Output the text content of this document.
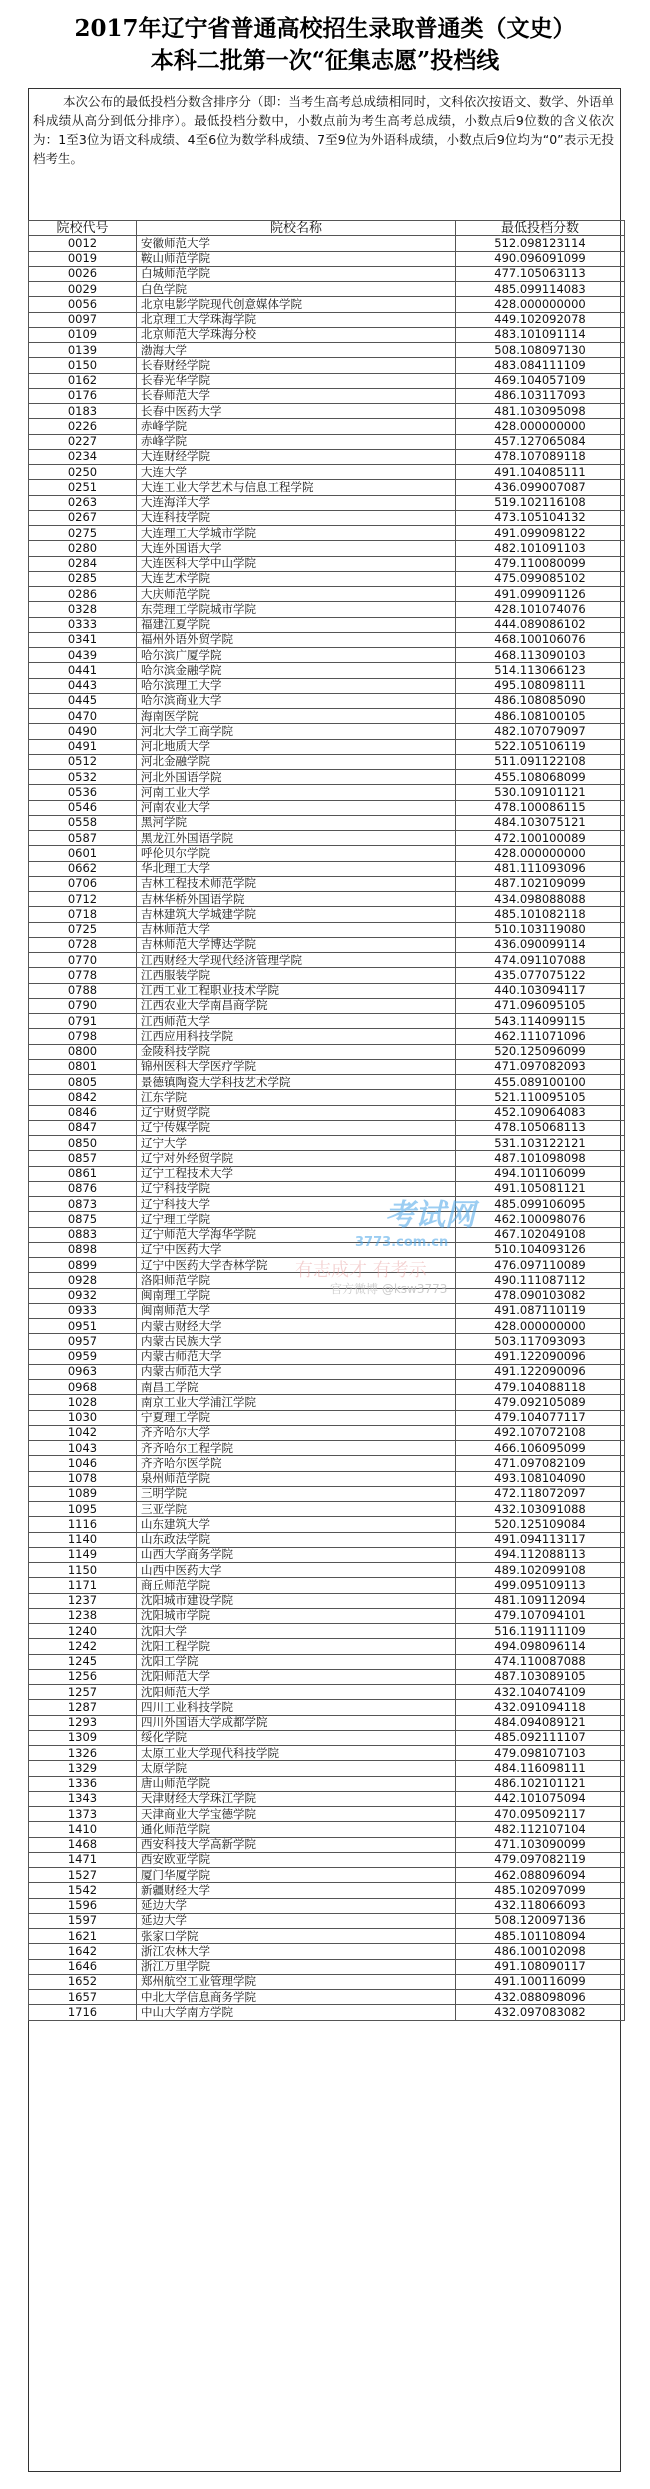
2017年辽宁省普通高校招生录取普通类（文史）
本科二批第一次“征集志愿”投档线
本次公布的最低投档分数含排序分（即：当考生高考总成绩相同时，文科依次按语文、数学、外语单科成绩从高分到低分排序）。最低投档分数中，小数点前为考生高考总成绩，小数点后9位数的含义依次为：1至3位为语文科成绩、4至6位为数学科成绩、7至9位为外语科成绩，小数点后9位均为“0”表示无投档考生。
院校代号	院校名称	最低投档分数
0012	安徽师范大学	512.098123114
0019	鞍山师范学院	490.096091099
0026	白城师范学院	477.105063113
0029	白色学院	485.099114083
0056	北京电影学院现代创意媒体学院	428.000000000
0097	北京理工大学珠海学院	449.102092078
0109	北京师范大学珠海分校	483.101091114
0139	渤海大学	508.108097130
0150	长春财经学院	483.084111109
0162	长春光华学院	469.104057109
0176	长春师范大学	486.103117093
0183	长春中医药大学	481.103095098
0226	赤峰学院	428.000000000
0227	赤峰学院	457.127065084
0234	大连财经学院	478.107089118
0250	大连大学	491.104085111
0251	大连工业大学艺术与信息工程学院	436.099007087
0263	大连海洋大学	519.102116108
0267	大连科技学院	473.105104132
0275	大连理工大学城市学院	491.099098122
0280	大连外国语大学	482.101091103
0284	大连医科大学中山学院	479.110080099
0285	大连艺术学院	475.099085102
0286	大庆师范学院	491.099091126
0328	东莞理工学院城市学院	428.101074076
0333	福建江夏学院	444.089086102
0341	福州外语外贸学院	468.100106076
0439	哈尔滨广厦学院	468.113090103
0441	哈尔滨金融学院	514.113066123
0443	哈尔滨理工大学	495.108098111
0445	哈尔滨商业大学	486.108085090
0470	海南医学院	486.108100105
0490	河北大学工商学院	482.107079097
0491	河北地质大学	522.105106119
0512	河北金融学院	511.091122108
0532	河北外国语学院	455.108068099
0536	河南工业大学	530.109101121
0546	河南农业大学	478.100086115
0558	黑河学院	484.103075121
0587	黑龙江外国语学院	472.100100089
0601	呼伦贝尔学院	428.000000000
0662	华北理工大学	481.111093096
0706	吉林工程技术师范学院	487.102109099
0712	吉林华桥外国语学院	434.098088088
0718	吉林建筑大学城建学院	485.101082118
0725	吉林师范大学	510.103119080
0728	吉林师范大学博达学院	436.090099114
0770	江西财经大学现代经济管理学院	474.091107088
0778	江西服装学院	435.077075122
0788	江西工业工程职业技术学院	440.103094117
0790	江西农业大学南昌商学院	471.096095105
0791	江西师范大学	543.114099115
0798	江西应用科技学院	462.111071096
0800	金陵科技学院	520.125096099
0801	锦州医科大学医疗学院	471.097082093
0805	景德镇陶瓷大学科技艺术学院	455.089100100
0842	江东学院	521.110095105
0846	辽宁财贸学院	452.109064083
0847	辽宁传媒学院	478.105068113
0850	辽宁大学	531.103122121
0857	辽宁对外经贸学院	487.101098098
0861	辽宁工程技术大学	494.101106099
0876	辽宁科技学院	491.105081121
0873	辽宁科技大学	485.099106095
0875	辽宁理工学院	462.100098076
0883	辽宁师范大学海华学院	467.102049108
0898	辽宁中医药大学	510.104093126
0899	辽宁中医药大学杏林学院	476.097110089
0928	洛阳师范学院	490.111087112
0932	闽南理工学院	478.090103082
0933	闽南师范大学	491.087110119
0951	内蒙古财经大学	428.000000000
0957	内蒙古民族大学	503.117093093
0959	内蒙古师范大学	491.122090096
0963	内蒙古师范大学	491.122090096
0968	南昌工学院	479.104088118
1028	南京工业大学浦江学院	479.092105089
1030	宁夏理工学院	479.104077117
1042	齐齐哈尔大学	492.107072108
1043	齐齐哈尔工程学院	466.106095099
1046	齐齐哈尔医学院	471.097082109
1078	泉州师范学院	493.108104090
1089	三明学院	472.118072097
1095	三亚学院	432.103091088
1116	山东建筑大学	520.125109084
1140	山东政法学院	491.094113117
1149	山西大学商务学院	494.112088113
1150	山西中医药大学	489.102099108
1171	商丘师范学院	499.095109113
1237	沈阳城市建设学院	481.109112094
1238	沈阳城市学院	479.107094101
1240	沈阳大学	516.119111109
1242	沈阳工程学院	494.098096114
1245	沈阳工学院	474.110087088
1256	沈阳师范大学	487.103089105
1257	沈阳师范大学	432.104074109
1287	四川工业科技学院	432.091094118
1293	四川外国语大学成都学院	484.094089121
1309	绥化学院	485.092111107
1326	太原工业大学现代科技学院	479.098107103
1329	太原学院	484.116098111
1336	唐山师范学院	486.102101121
1343	天津财经大学珠江学院	442.101075094
1373	天津商业大学宝德学院	470.095092117
1410	通化师范学院	482.112107104
1468	西安科技大学高新学院	471.103090099
1471	西安欧亚学院	479.097082119
1527	厦门华厦学院	462.088096094
1542	新疆财经大学	485.102097099
1596	延边大学	432.118066093
1597	延边大学	508.120097136
1621	张家口学院	485.101108094
1642	浙江农林大学	486.100102098
1646	浙江万里学院	491.108090117
1652	郑州航空工业管理学院	491.100116099
1657	中北大学信息商务学院	432.088098096
1716	中山大学南方学院	432.097083082
考试网
3773.com.cn
有志成才 有考示
官方微博 @ksw3773
